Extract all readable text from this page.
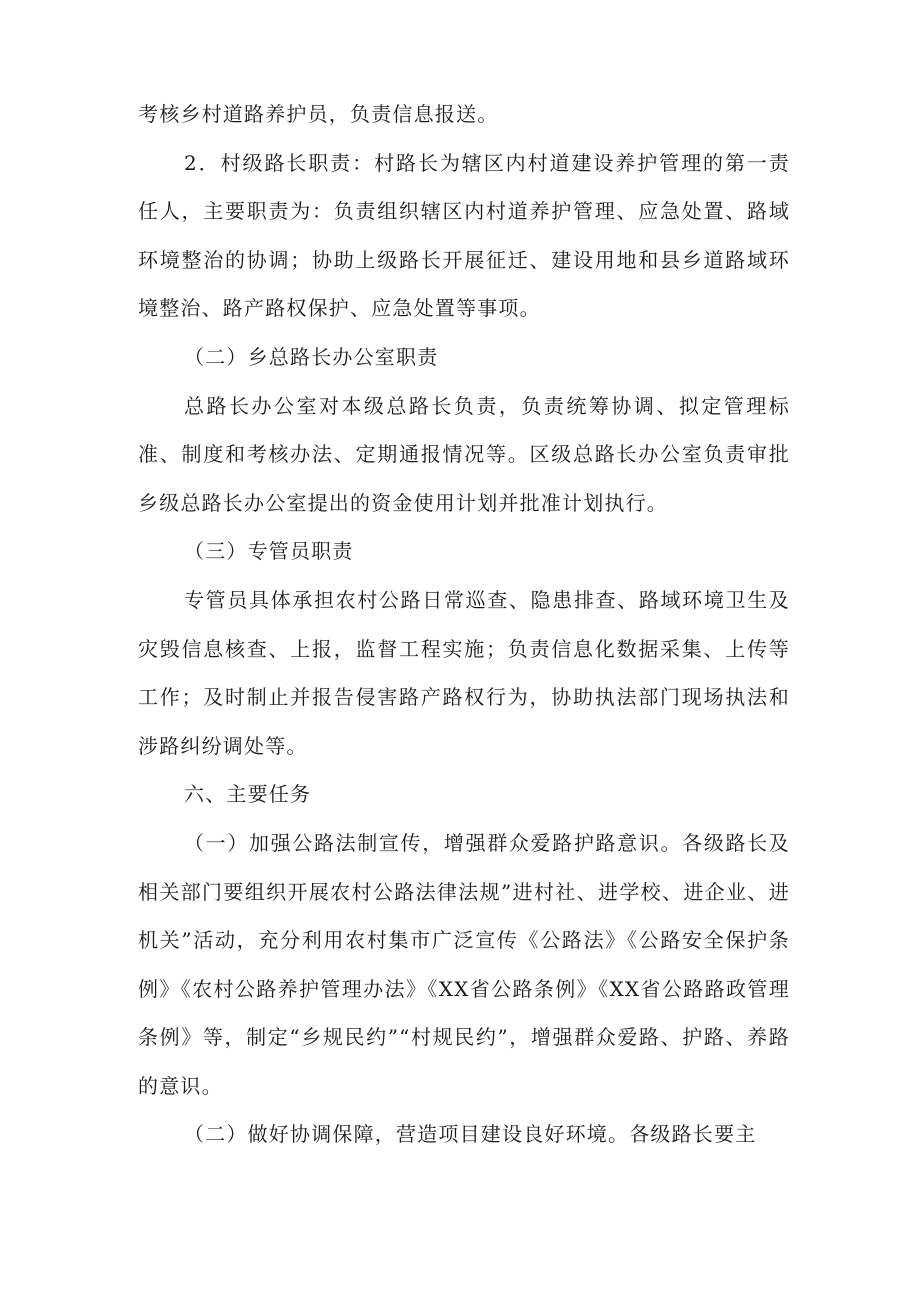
考核乡村道路养护员，负责信息报送。

2．村级路长职责：村路长为辖区内村道建设养护管理的第一责任人，主要职责为：负责组织辖区内村道养护管理、应急处置、路域环境整治的协调；协助上级路长开展征迁、建设用地和县乡道路域环境整治、路产路权保护、应急处置等事项。

（二）乡总路长办公室职责

总路长办公室对本级总路长负责，负责统筹协调、拟定管理标准、制度和考核办法、定期通报情况等。区级总路长办公室负责审批乡级总路长办公室提出的资金使用计划并批准计划执行。

（三）专管员职责

专管员具体承担农村公路日常巡查、隐患排查、路域环境卫生及灾毁信息核查、上报，监督工程实施；负责信息化数据采集、上传等工作；及时制止并报告侵害路产路权行为，协助执法部门现场执法和涉路纠纷调处等。

六、主要任务

（一）加强公路法制宣传，增强群众爱路护路意识。各级路长及相关部门要组织开展农村公路法律法规”进村社、进学校、进企业、进机关”活动，充分利用农村集市广泛宣传《公路法》《公路安全保护条例》《农村公路养护管理办法》《XX省公路条例》《XX省公路路政管理条例》等，制定“乡规民约”“村规民约”，增强群众爱路、护路、养路的意识。

（二）做好协调保障，营造项目建设良好环境。各级路长要主
